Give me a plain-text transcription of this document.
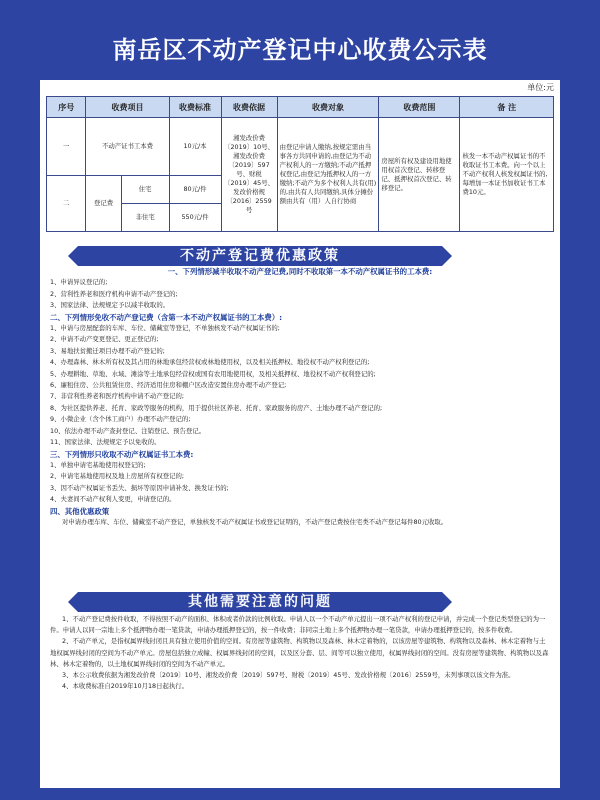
南岳区不动产登记中心收费公示表
单位:元
序号	收费项目		收费标准	收费依据	收费对象	收费范围	备 注
一	不动产证书工本费		10元/本	湘发改价费〔2019〕10号、湘发改价费〔2019〕597号、财税〔2019〕45号、发改价格规〔2016〕2559号	由登记申请人缴纳,按规定需由当事各方共同申请的,由登记为不动产权利人的一方缴纳;不动产抵押权登记,由登记为抵押权人的一方缴纳;不动产为多个权利人共有(用)的,由共有人共同缴纳,具体分摊份额由共有（用）人自行协商	房屋所有权及建设用地使用权首次登记、转移登记、抵押权首次登记、转移登记。	核发一本不动产权属证书的不收取证书工本费。向一个以上不动产权利人核发权属证书的,每增加一本证书加收证书工本费10元。
二	登记费	住宅	80元/件				
		非住宅	550元/件				
不动产登记费优惠政策

一、下列情形减半收取不动产登记费,同时不收取第一本不动产权属证书的工本费:

1、申请异议登记的;

2、营利性养老和医疗机构申请不动产登记的;

3、国家法律、法规规定予以减半收取的。

二、下列情形免收不动产登记费（含第一本不动产权属证书的工本费）:

1、申请与房屋配套的车库、车位、储藏室等登记，不单独核发不动产权属证书的;

2、申请不动产变更登记、更正登记的;

3、易地扶贫搬迁项目办理不动产登记的;

4、办理森林、林木所有权及其占用的林地承包经营权或林地使用权，以及相关抵押权、地役权不动产权利登记的;

5、办理耕地、草地、水域、滩涂等土地承包经营权或国有农用地使用权，及相关抵押权、地役权不动产权利登记的;

6、廉租住房、公共租赁住房、经济适用住房和棚户区改造安置住房办理不动产登记;

7、非营利性养老和医疗机构申请不动产登记的;

8、为社区提供养老、托育、家政等服务的机构，用于提供社区养老、托育、家政服务的房产、土地办理不动产登记的;

9、小微企业（含个体工商户）办理不动产登记的;

10、依法办理不动产查封登记、注销登记、预告登记。

11、国家法律、法规规定予以免收的。

三、下列情形只收取不动产权属证书工本费:

1、单独申请宅基地使用权登记的;

2、申请宅基地使用权及地上房屋所有权登记的;

3、因不动产权属证书丢失、损坏等原因申请补发、换发证书的;

4、夫妻间不动产权利人变更，申请登记的。

四、其他优惠政策

对申请办理车库、车位、储藏室不动产登记，单独核发不动产权属证书或登记证明的，不动产登记费按住宅类不动产登记每件80元收取。

其他需要注意的问题

1、不动产登记费按件收取，不得按照不动产的面积、体积或者价款的比例收取。申请人以一个不动产单元提出一项不动产权利的登记申请，并完成一个登记类型登记的为一件。申请人以同一宗地上多个抵押物办理一笔贷款，申请办理抵押登记的，按一件收费；非同宗土地上多个抵押物办理一笔贷款，申请办理抵押登记的，按多件收费。

2、不动产单元，是指权属界线封闭且具有独立使用价值的空间。有房屋等建筑物、构筑物以及森林、林木定着物的，以该房屋等建筑物、构筑物以及森林、林木定着物与土地权属界线封闭的空间为不动产单元。房屋包括独立成幢、权属界线封闭的空间，以及区分套、层、间等可以独立使用，权属界线封闭的空间。没有房屋等建筑物、构筑物以及森林、林木定着物的，以土地权属界线封闭的空间为不动产单元。

3、本公示收费依据为湘发改价费〔2019〕10号、湘发改价费〔2019〕597号、财税〔2019〕45号、发改价格规〔2016〕2559号，未列事项以该文件为准。

4、本收费标准自2019年10月18日起执行。
